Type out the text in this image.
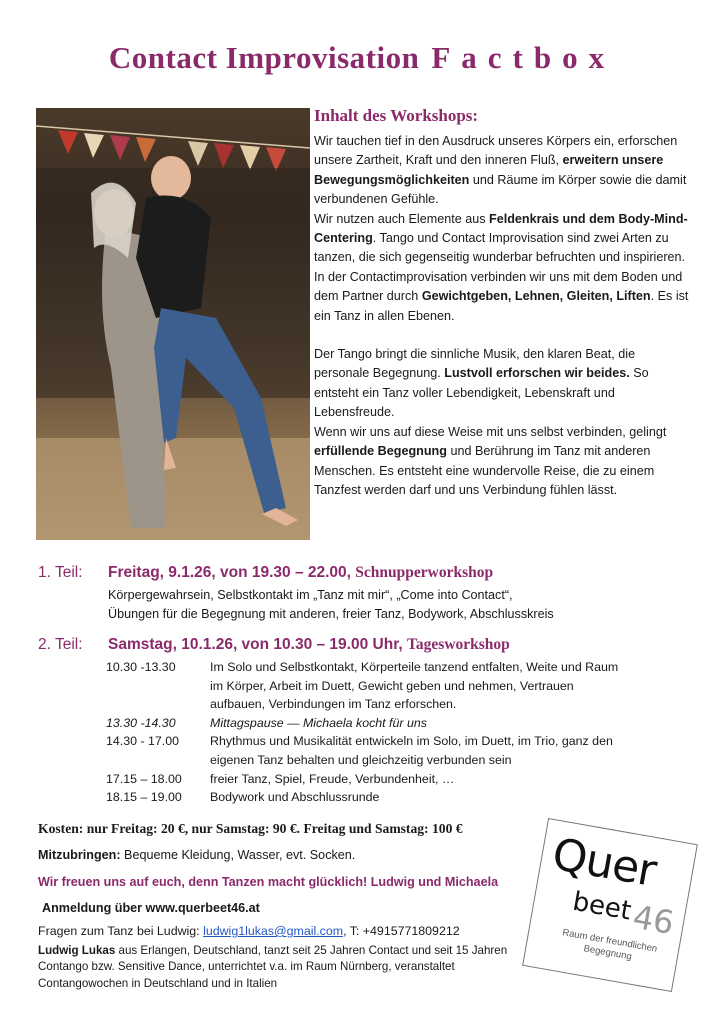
Contact Improvisation Factbox
Inhalt des Workshops:

Wir tauchen tief in den Ausdruck unseres Körpers ein, erforschen unsere Zartheit, Kraft und den inneren Fluß, erweitern unsere Bewegungsmöglichkeiten und Räume im Körper sowie die damit verbundenen Gefühle.

Wir nutzen auch Elemente aus Feldenkrais und dem Body-Mind-Centering. Tango und Contact Improvisation sind zwei Arten zu tanzen, die sich gegenseitig wunderbar befruchten und inspirieren. In der Contactimprovisation verbinden wir uns mit dem Boden und dem Partner durch Gewichtgeben, Lehnen, Gleiten, Liften. Es ist ein Tanz in allen Ebenen.

Der Tango bringt die sinnliche Musik, den klaren Beat, die personale Begegnung. Lustvoll erforschen wir beides. So entsteht ein Tanz voller Lebendigkeit, Lebenskraft und Lebensfreude.

Wenn wir uns auf diese Weise mit uns selbst verbinden, gelingt erfüllende Begegnung und Berührung im Tanz mit anderen Menschen. Es entsteht eine wundervolle Reise, die zu einem Tanzfest werden darf und uns Verbindung fühlen lässt.

1. Teil: Freitag, 9.1.26, von 19.30 – 22.00, Schnupperworkshop
Körpergewahrsein, Selbstkontakt im „Tanz mit mir“, „Come into Contact“,
Übungen für die Begegnung mit anderen, freier Tanz, Bodywork, Abschlusskreis
2. Teil: Samstag, 10.1.26, von 10.30 – 19.00 Uhr, Tagesworkshop
10.30 -13.30	Im Solo und Selbstkontakt, Körperteile tanzend entfalten, Weite und Raum im Körper, Arbeit im Duett, Gewicht geben und nehmen, Vertrauen aufbauen, Verbindungen im Tanz erforschen.
13.30 -14.30	Mittagspause — Michaela kocht für uns
14.30 - 17.00	Rhythmus und Musikalität entwickeln im Solo, im Duett, im Trio, ganz den eigenen Tanz behalten und gleichzeitig verbunden sein
17.15 – 18.00	freier Tanz, Spiel, Freude, Verbundenheit, …
18.15 – 19.00	Bodywork und Abschlussrunde
Kosten: nur Freitag: 20 €, nur Samstag: 90 €. Freitag und Samstag: 100 €
Mitzubringen: Bequeme Kleidung, Wasser, evt. Socken.
Wir freuen uns auf euch, denn Tanzen macht glücklich! Ludwig und Michaela
Anmeldung über www.querbeet46.at
Fragen zum Tanz bei Ludwig: ludwig1lukas@gmail.com, T: +4915771809212
Ludwig Lukas aus Erlangen, Deutschland, tanzt seit 25 Jahren Contact und seit 15 Jahren Contango bzw. Sensitive Dance, unterrichtet v.a. im Raum Nürnberg, veranstaltet Contangowochen in Deutschland und in Italien
Quer
beet
46
Raum der freundlichen Begegnung
